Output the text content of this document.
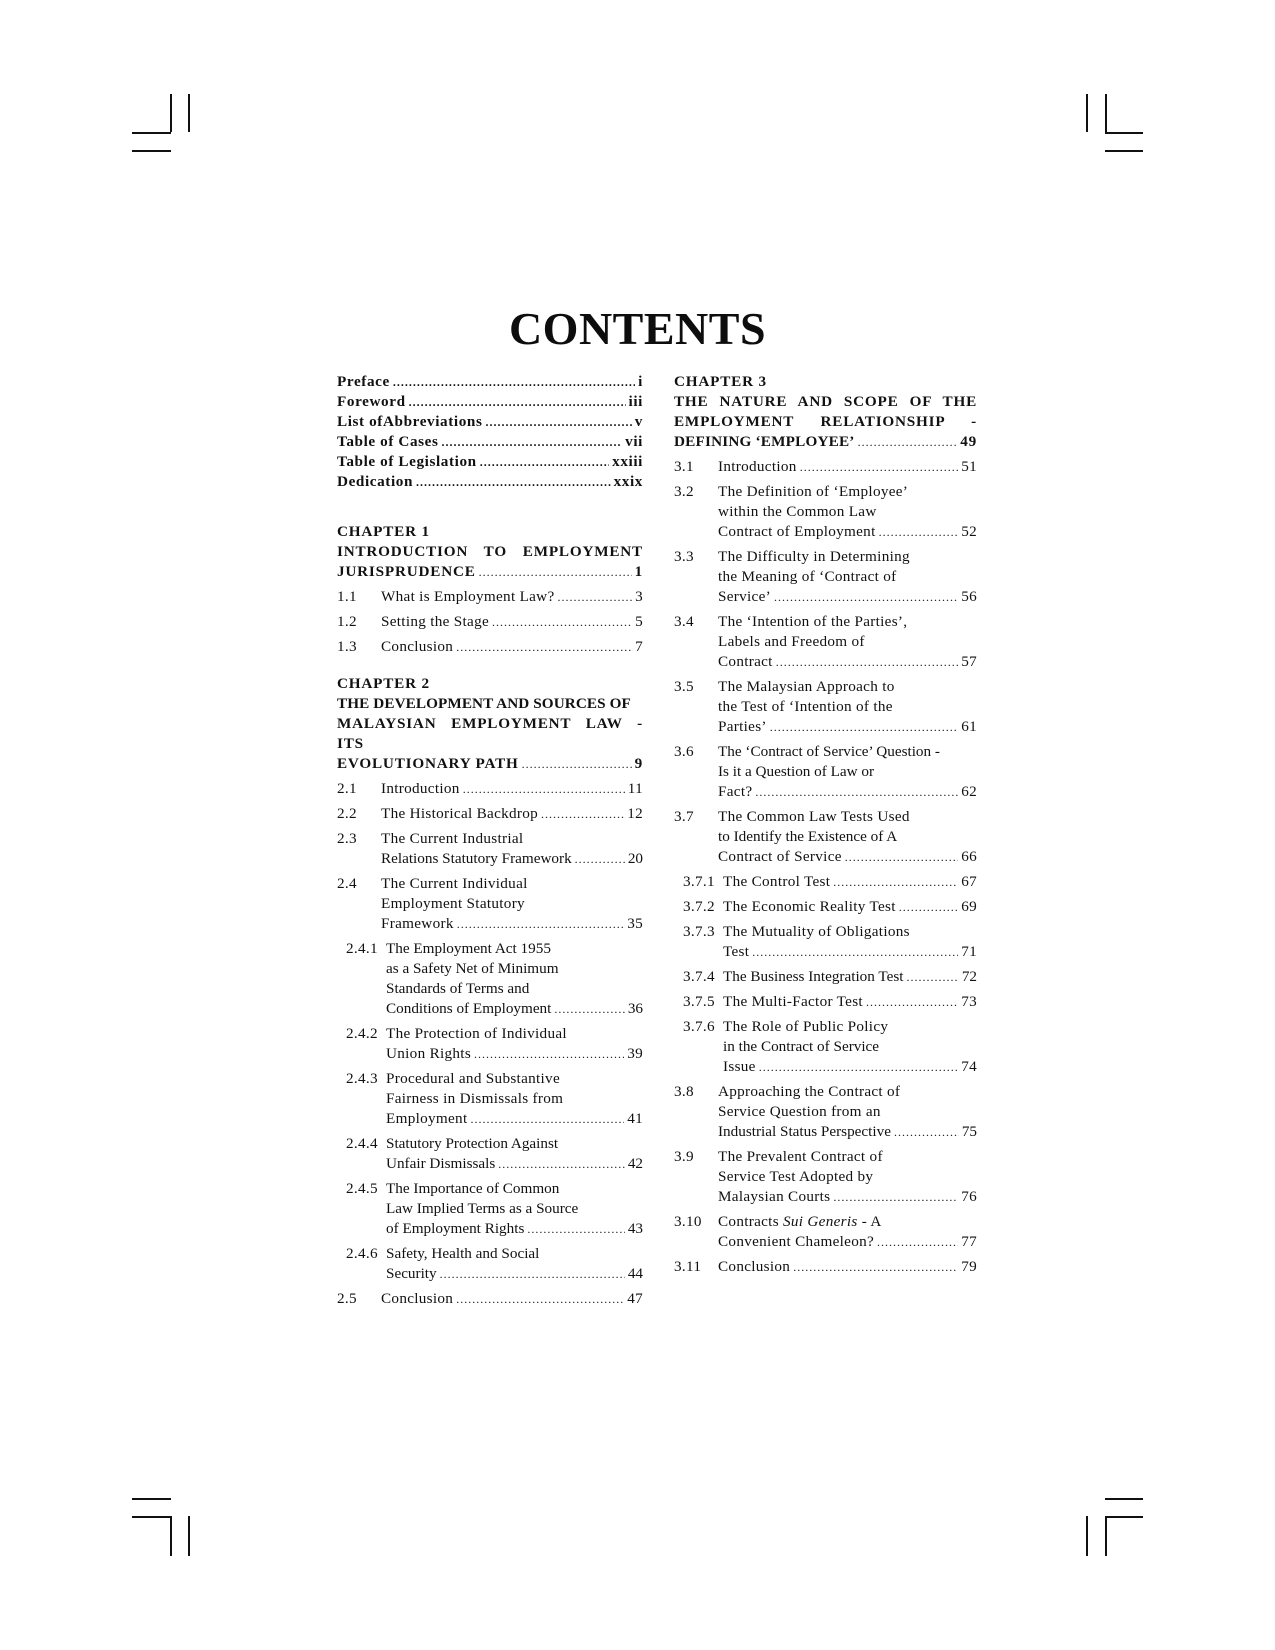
CONTENTS
Preface .....	i
Foreword .....	iii
List ofAbbreviations .....	v
Table of Cases .....	vii
Table of Legislation .....	xxiii
Dedication .....	xxix
CHAPTER 1
INTRODUCTION TO EMPLOYMENT
JURISPRUDENCE .....	1
1.1	What is Employment Law? .....	3
1.2	Setting the Stage .....	5
1.3	Conclusion .....	7
CHAPTER 2
THE DEVELOPMENT AND SOURCES OF
MALAYSIAN EMPLOYMENT LAW - ITS
EVOLUTIONARY PATH .....	9
2.1	Introduction .....	11
2.2	The Historical Backdrop .....	12
2.3	The Current Industrial
Relations Statutory Framework .....	20
2.4	The Current Individual
Employment Statutory
Framework .....	35
2.4.1 The Employment Act 1955
as a Safety Net of Minimum
Standards of Terms and
Conditions of Employment .....	36
2.4.2 The Protection of Individual
Union Rights .....	39
2.4.3 Procedural and Substantive
Fairness in Dismissals from
Employment .....	41
2.4.4 Statutory Protection Against
Unfair Dismissals .....	42
2.4.5 The Importance of Common
Law Implied Terms as a Source
of Employment Rights .....	43
2.4.6 Safety, Health and Social
Security .....	44
2.5	Conclusion .....	47
CHAPTER 3
THE NATURE AND SCOPE OF THE
EMPLOYMENT RELATIONSHIP -
DEFINING ‘EMPLOYEE’ .....	49
3.1	Introduction .....	51
3.2	The Definition of ‘Employee’
within the Common Law
Contract of Employment .....	52
3.3	The Difficulty in Determining
the Meaning of ‘Contract of
Service’ .....	56
3.4	The ‘Intention of the Parties’,
Labels and Freedom of
Contract .....	57
3.5	The Malaysian Approach to
the Test of ‘Intention of the
Parties’ .....	61
3.6	The ‘Contract of Service’ Question -
Is it a Question of Law or
Fact? .....	62
3.7	The Common Law Tests Used
to Identify the Existence of A
Contract of Service .....	66
3.7.1 The Control Test .....	67
3.7.2 The Economic Reality Test .....	69
3.7.3 The Mutuality of Obligations
Test .....	71
3.7.4 The Business Integration Test .....	72
3.7.5 The Multi-Factor Test .....	73
3.7.6 The Role of Public Policy
in the Contract of Service
Issue .....	74
3.8	Approaching the Contract of
Service Question from an
Industrial Status Perspective .....	75
3.9	The Prevalent Contract of
Service Test Adopted by
Malaysian Courts .....	76
3.10	Contracts Sui Generis - A
Convenient Chameleon? .....	77
3.11	Conclusion .....	79
